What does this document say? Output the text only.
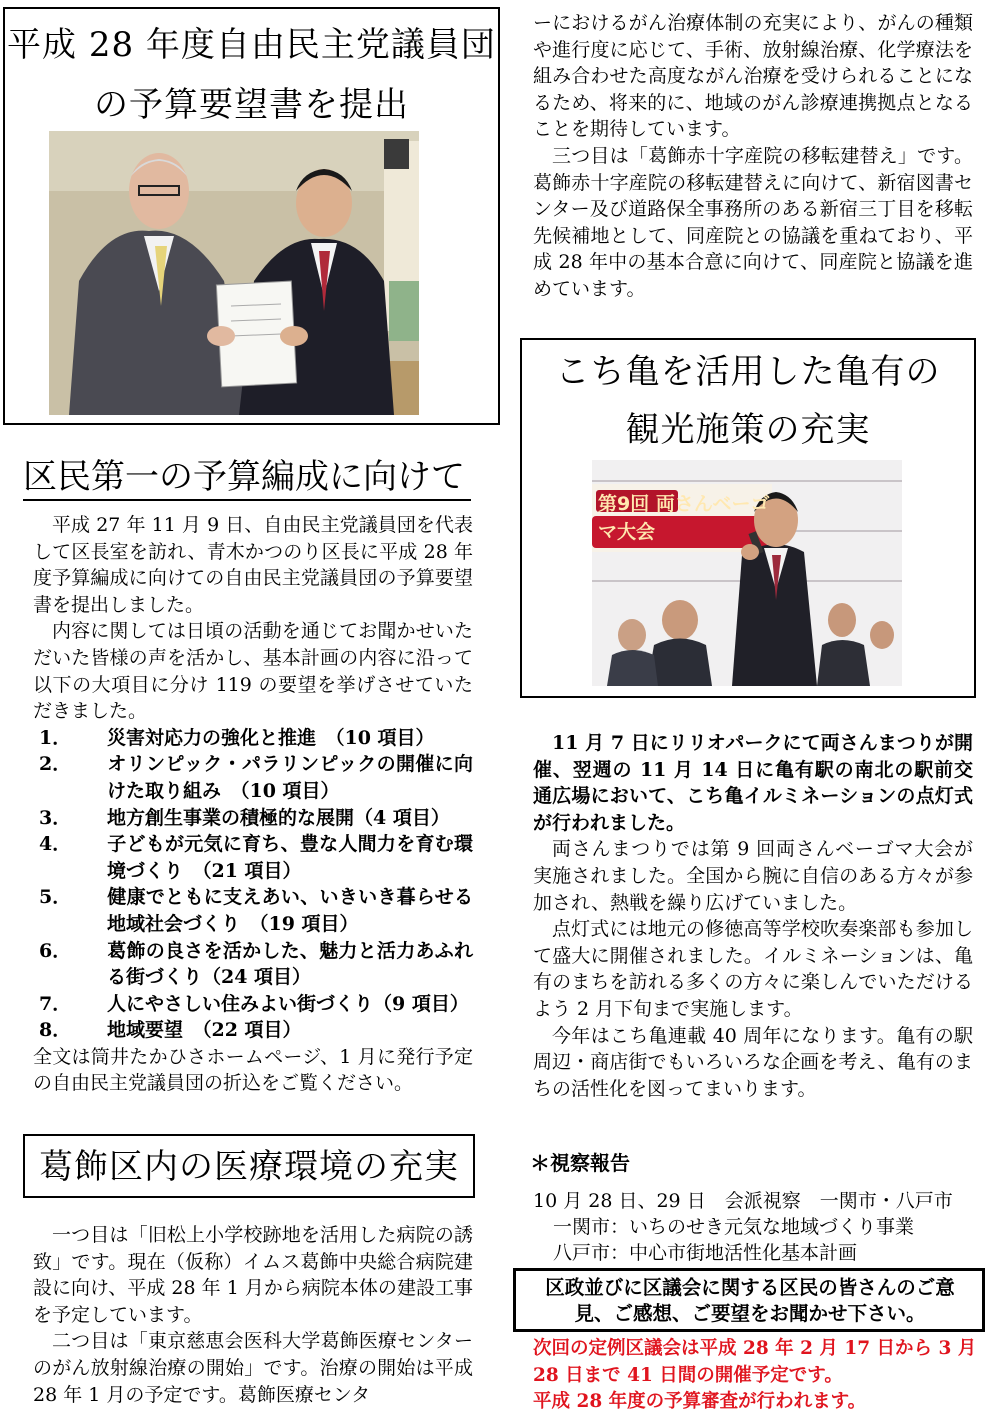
平成 28 年度自由民主党議員団
の予算要望書を提出
区民第一の予算編成に向けて

平成 27 年 11 月 9 日、自由民主党議員団を代表して区長室を訪れ、青木かつのり区長に平成 28 年度予算編成に向けての自由民主党議員団の予算要望書を提出しました。

内容に関しては日頃の活動を通じてお聞かせいただいた皆様の声を活かし、基本計画の内容に沿って以下の大項目に分け 119 の要望を挙げさせていただきました。

1． 災害対応力の強化と推進　（10 項目）
2． オリンピック・パラリンピックの開催に向けた取り組み　（10 項目）
3． 地方創生事業の積極的な展開（4 項目）
4． 子どもが元気に育ち、豊な人間力を育む環境づくり　（21 項目）
5． 健康でともに支えあい、いきいき暮らせる地域社会づくり　（19 項目）
6． 葛飾の良さを活かした、魅力と活力あふれる街づくり（24 項目）
7． 人にやさしい住みよい街づくり（9 項目）
8． 地域要望　（22 項目）

全文は筒井たかひさホームページ、1 月に発行予定の自由民主党議員団の折込をご覧ください。

葛飾区内の医療環境の充実

一つ目は「旧松上小学校跡地を活用した病院の誘致」です。現在（仮称）イムス葛飾中央総合病院建設に向け、平成 28 年 1 月から病院本体の建設工事を予定しています。

二つ目は「東京慈恵会医科大学葛飾医療センターのがん放射線治療の開始」です。治療の開始は平成 28 年 1 月の予定です。葛飾医療センタ

ーにおけるがん治療体制の充実により、がんの種類や進行度に応じて、手術、放射線治療、化学療法を組み合わせた高度ながん治療を受けられることになるため、将来的に、地域のがん診療連携拠点となることを期待しています。

三つ目は「葛飾赤十字産院の移転建替え」です。葛飾赤十字産院の移転建替えに向けて、新宿図書センター及び道路保全事務所のある新宿三丁目を移転先候補地として、同産院との協議を重ねており、平成 28 年中の基本合意に向けて、同産院と協議を進めています。

こち亀を活用した亀有の
観光施策の充実
第9回 両さんベーゴマ大会

11 月 7 日にリリオパークにて両さんまつりが開催、翌週の 11 月 14 日に亀有駅の南北の駅前交通広場において、こち亀イルミネーションの点灯式が行われました。

両さんまつりでは第 9 回両さんベーゴマ大会が実施されました。全国から腕に自信のある方々が参加され、熱戦を繰り広げていました。

点灯式には地元の修徳高等学校吹奏楽部も参加して盛大に開催されました。イルミネーションは、亀有のまちを訪れる多くの方々に楽しんでいただけるよう 2 月下旬まで実施します。

今年はこち亀連載 40 周年になります。亀有の駅周辺・商店街でもいろいろな企画を考え、亀有のまちの活性化を図ってまいります。

＊視察報告
10 月 28 日、29 日　会派視察　一関市・八戸市
一関市：いちのせき元気な地域づくり事業
八戸市：中心市街地活性化基本計画
区政並びに区議会に関する区民の皆さんのご意見、ご感想、ご要望をお聞かせ下さい。
次回の定例区議会は平成 28 年 2 月 17 日から 3 月 28 日まで 41 日間の開催予定です。
平成 28 年度の予算審査が行われます。
